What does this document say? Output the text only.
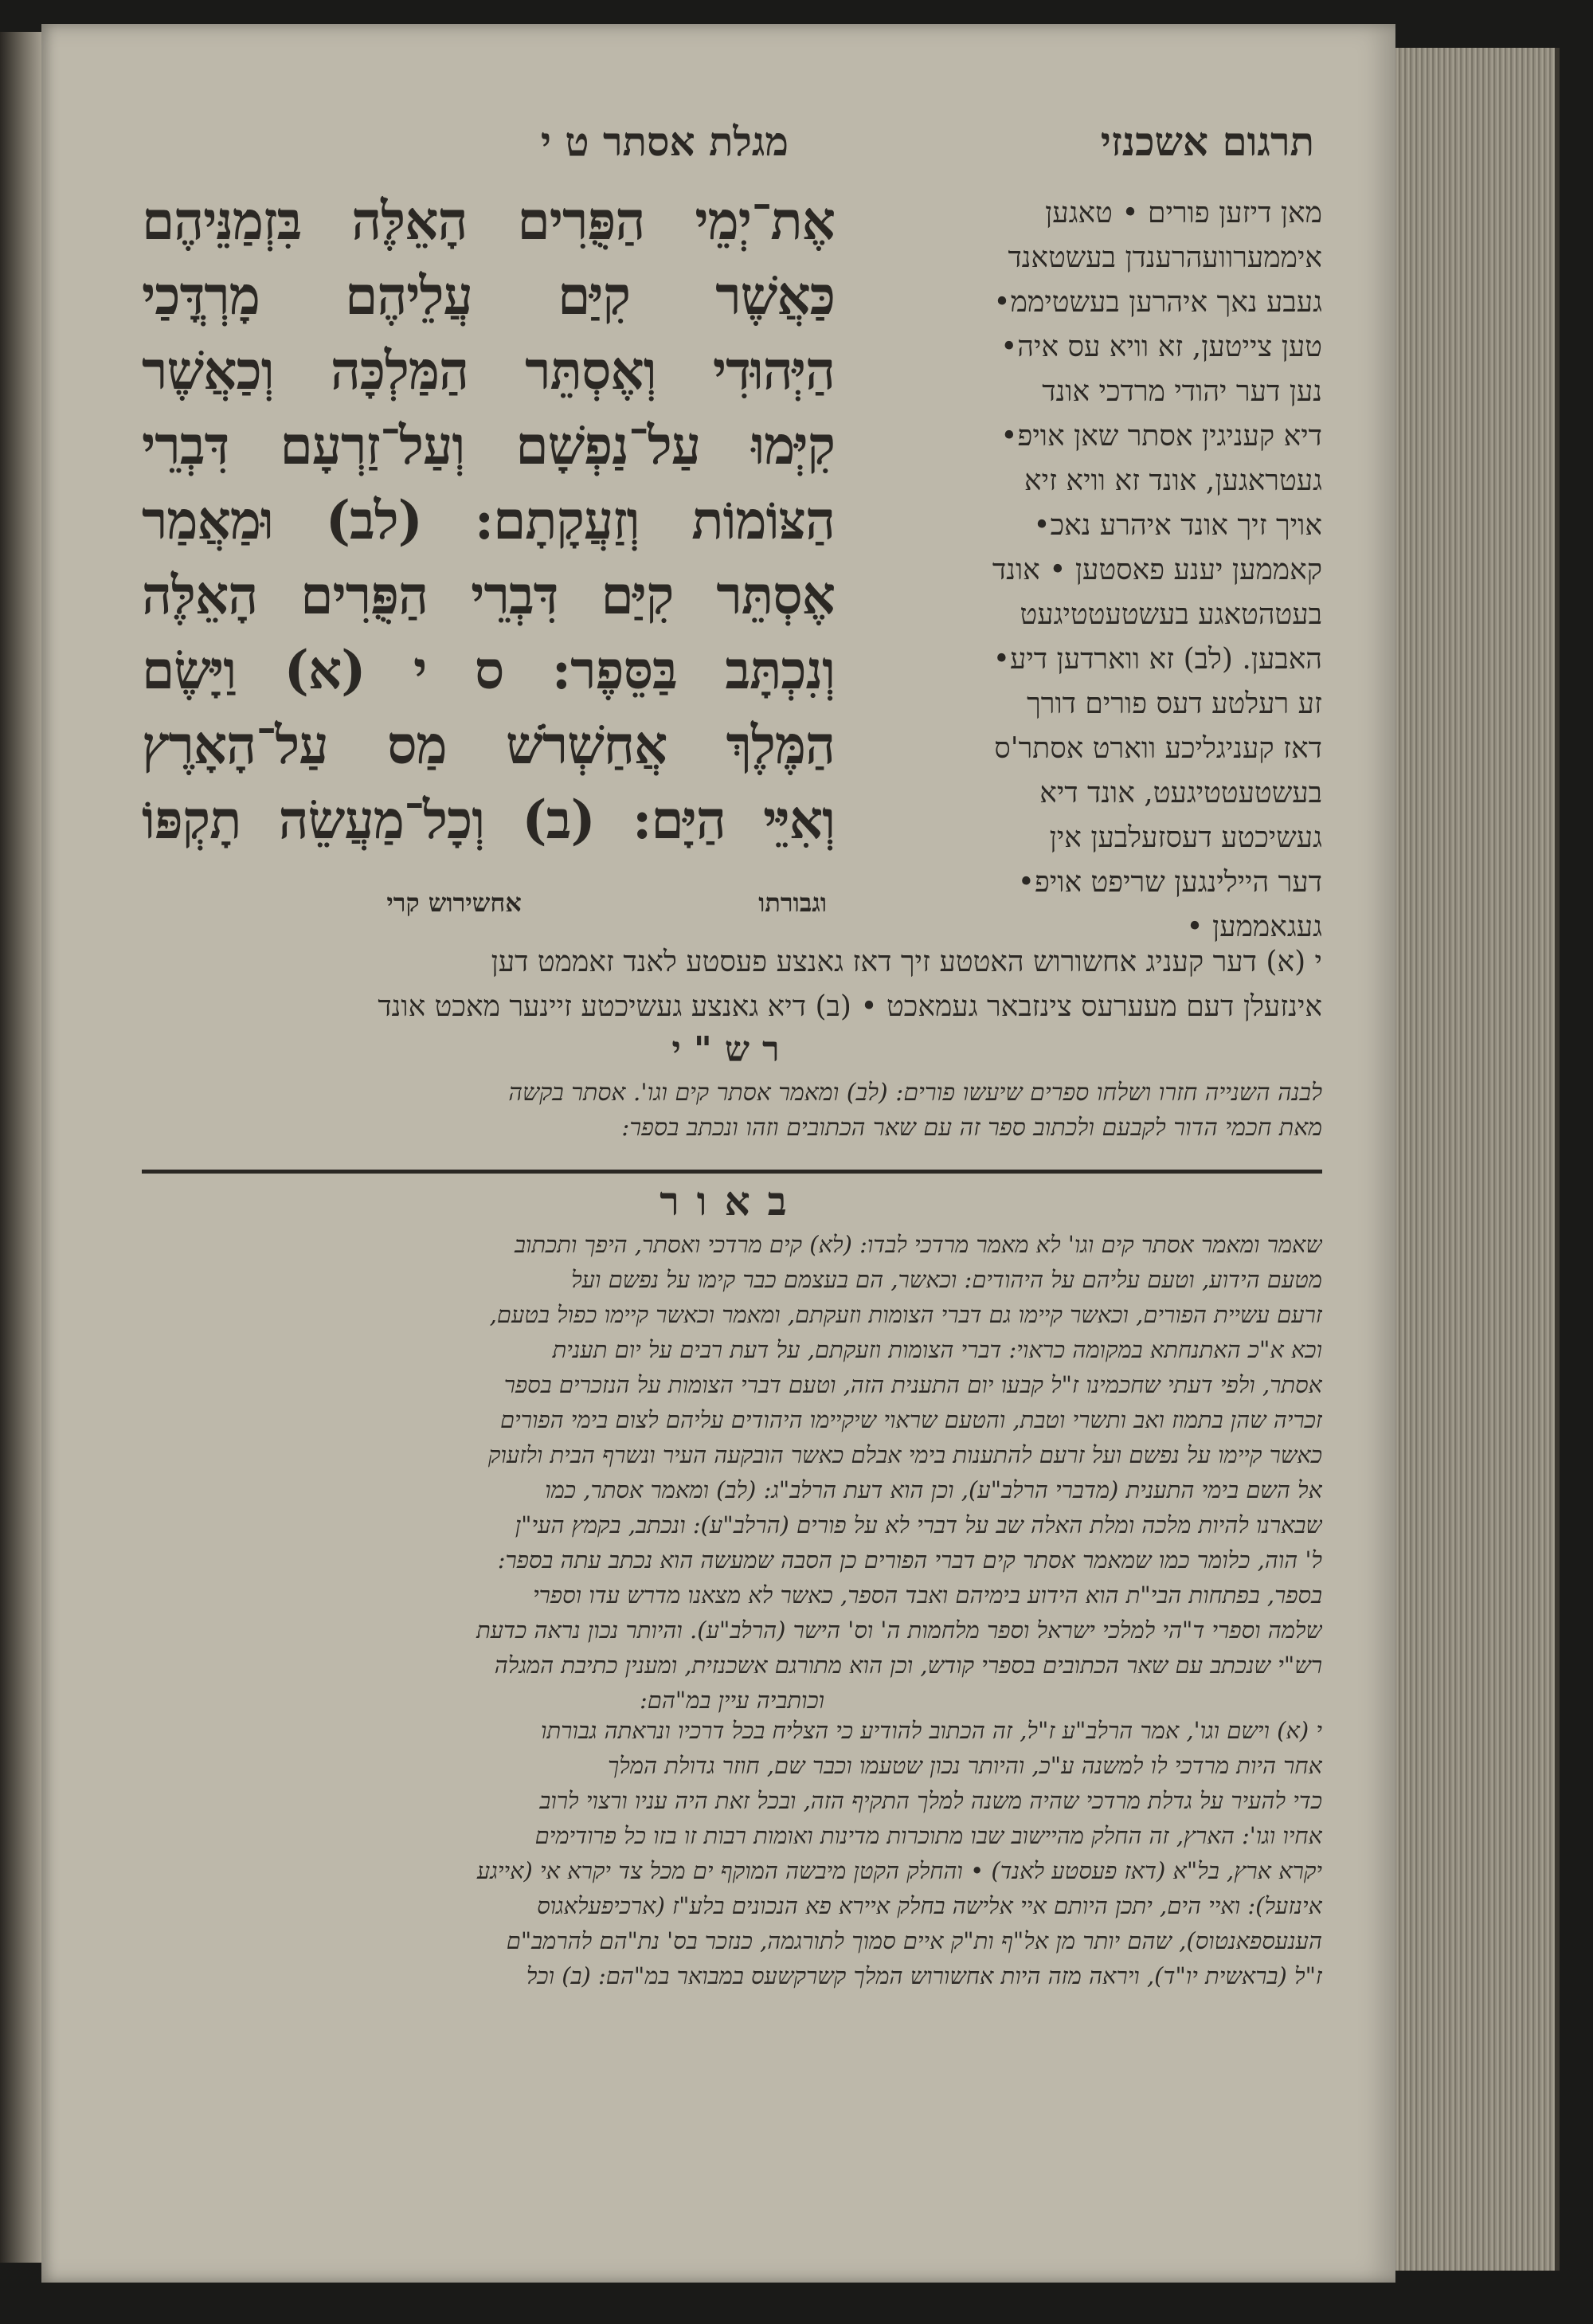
מגלת אסתר ט י	תרגום אשכנזי
אֶת־יְמֵי הַפֻּרִים הָאֵלֶּה בִּזְמַנֵּיהֶם
כַּאֲשֶׁר קִיַּם עֲלֵיהֶם מָרְדֳּכַי
הַיְּהוּדִי וְאֶסְתֵּר הַמַּלְכָּה וְכַאֲשֶׁר
קִיְּמוּ עַל־נַפְשָׁם וְעַל־זַרְעָם דִּבְרֵי
הַצּוֹמוֹת וְזַעֲקָתָם: (לב) וּמַאֲמַר
אֶסְתֵּר קִיַּם דִּבְרֵי הַפֻּרִים הָאֵלֶּה
וְנִכְתָּב בַּסֵּפֶר: ס י (א) וַיָּשֶׂם
הַמֶּלֶךְ אֲחַשְׁרֹשׁ מַס עַל־הָאָרֶץ
וְאִיֵּי הַיָּם: (ב) וְכָל־מַעֲשֵׂה תָקְפּוֹ
וגבורתו
אחשירוש קרי
מאן דיזען פורים • טאגען
איממערוועהרענדן בעשטאנד
געבע נאך איהרען בעשטיממ•
טען צייטען, זא וויא עס איה•
נען דער יהודי מרדכי אונד
דיא קעניגין אסתר שאן אויפ•
געטראגען, אונד זא וויא זיא
אויך זיך אונד איהרע נאכ•
קאממען יענע פאסטען • אונד
בעטהטאגע בעשטעטטיגעט
האבען. (לב) זא ווארדען דיע•
זע רעלטע דעס פורים דורך
דאז קעניגליכע ווארט אסתר'ס
בעשטעטטיגעט, אונד דיא
געשיכטע דעסזעלבען אין
דער היילינגען שריפט אויפ•
געגאממען •
י (א) דער קעניג אחשורוש האטטע זיך דאז גאנצע פעסטע לאנד זאממט דען
אינזעלן דעם מעערעס צינזבאר געמאכט • (ב) דיא גאנצע געשיכטע זיינער מאכט אונד
רש"י
לבנה השנייה חזרו ושלחו ספרים שיעשו פורים: (לב) ומאמר אסתר קים וגו'. אסתר בקשה
מאת חכמי הדור לקבעם ולכתוב ספר זה עם שאר הכתובים וזהו ונכתב בספר:
באור
שאמר ומאמר אסתר קים וגו' לא מאמר מרדכי לבדו: (לא) קים מרדכי ואסתר, היפך ותכתוב
מטעם הידוע, וטעם עליהם על היהודים: וכאשר, הם בעצמם כבר קימו על נפשם ועל
זרעם עשיית הפורים, וכאשר קיימו גם דברי הצומות וזעקתם, ומאמר וכאשר קיימו כפול בטעם,
וכא א"כ האתנחתא במקומה כראוי: דברי הצומות וזעקתם, על דעת רבים על יום תענית
אסתר, ולפי דעתי שחכמינו ז"ל קבעו יום התענית הזה, וטעם דברי הצומות על הנזכרים בספר
זכריה שהן בתמוז ואב ותשרי וטבת, והטעם שראוי שיקיימו היהודים עליהם לצום בימי הפורים
כאשר קיימו על נפשם ועל זרעם להתענות בימי אבלם כאשר הובקעה העיר ונשרף הבית ולזעוק
אל השם בימי התענית (מדברי הרלב"ע), וכן הוא דעת הרלב"ג: (לב) ומאמר אסתר, כמו
שבארנו להיות מלכה ומלת האלה שב על דברי לא על פורים (הרלב"ע): ונכתב, בקמץ העי"ן
ל' הוה, כלומר כמו שמאמר אסתר קים דברי הפורים כן הסבה שמעשה הוא נכתב עתה בספר:
בספר, בפתחות הבי"ת הוא הידוע בימיהם ואבד הספר, כאשר לא מצאנו מדרש עדו וספרי
שלמה וספרי ד"הי למלכי ישראל וספר מלחמות ה' וס' הישר (הרלב"ע). והיותר נכון נראה כדעת
רש"י שנכתב עם שאר הכתובים בספרי קודש, וכן הוא מתורגם אשכנזית, ומענין כתיבת המגלה
וכותביה עיין במ"הם:
י (א) וישם וגו', אמר הרלב"ע ז"ל, זה הכתוב להודיע כי הצליח בכל דרכיו ונראתה גבורתו
אחר היות מרדכי לו למשנה ע"כ, והיותר נכון שטעמו וכבר שם, חוזר גדולת המלך
כדי להעיר על גדלת מרדכי שהיה משנה למלך התקיף הזה, ובכל זאת היה עניו ורצוי לרוב
אחיו וגו': הארץ, זה החלק מהיישוב שבו מתוכרות מדינות ואומות רבות זו בזו כל פרודימים
יקרא ארץ, בל"א (דאז פעסטע לאנד) • והחלק הקטן מיבשה המוקף ים מכל צד יקרא אי (אייגע
אינזעל): ואיי הים, יתכן היותם איי אלישה בחלק איירא פא הנכונים בלע"ז (ארכיפעלאגוס
הענעספאנטוס), שהם יותר מן אל"ף ות"ק איים סמוך לתורגמה, כנזכר בס' נת"הם להרמב"ם
ז"ל (בראשית יו"ד), ויראה מזה היות אחשורוש המלך קשרקשעס במבואר במ"הם: (ב) וכל
